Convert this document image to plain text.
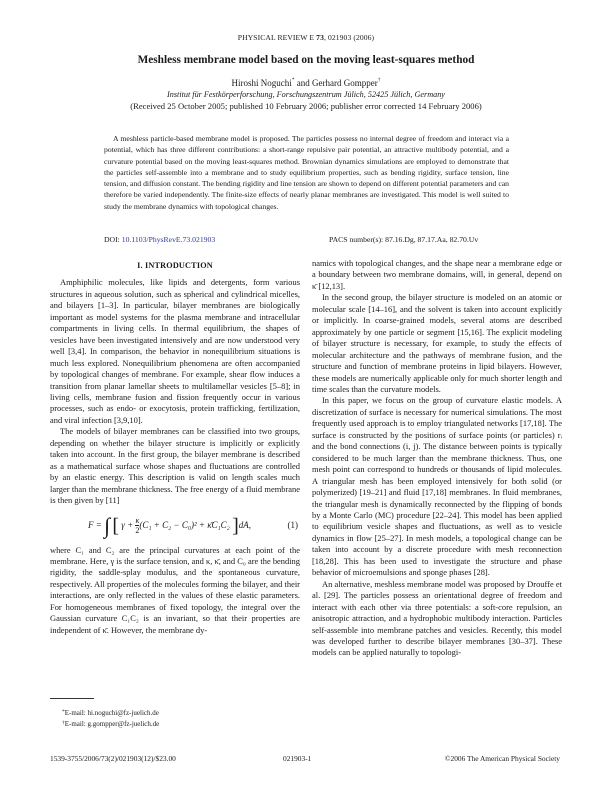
PHYSICAL REVIEW E 73, 021903 (2006)
Meshless membrane model based on the moving least-squares method
Hiroshi Noguchi* and Gerhard Gompper†
Institut für Festkörperforschung, Forschungszentrum Jülich, 52425 Jülich, Germany
(Received 25 October 2005; published 10 February 2006; publisher error corrected 14 February 2006)

A meshless particle-based membrane model is proposed. The particles possess no internal degree of freedom and interact via a potential, which has three different contributions: a short-range repulsive pair potential, an attractive multibody potential, and a curvature potential based on the moving least-squares method. Brownian dynamics simulations are employed to demonstrate that the particles self-assemble into a membrane and to study equilibrium properties, such as bending rigidity, surface tension, line tension, and diffusion constant. The bending rigidity and line tension are shown to depend on different potential parameters and can therefore be varied independently. The finite-size effects of nearly planar membranes are investigated. This model is well suited to study the membrane dynamics with topological changes.

DOI: 10.1103/PhysRevE.73.021903	PACS number(s): 87.16.Dg, 87.17.Aa, 82.70.Uv
I. INTRODUCTION

Amphiphilic molecules, like lipids and detergents, form various structures in aqueous solution, such as spherical and cylindrical micelles, and bilayers [1–3]. In particular, bilayer membranes are biologically important as model systems for the plasma membrane and intracellular compartments in living cells. In thermal equilibrium, the shapes of vesicles have been investigated intensively and are now understood very well [3,4]. In comparison, the behavior in nonequilibrium situations is much less explored. Nonequilibrium phenomena are often accompanied by topological changes of membrane. For example, shear flow induces a transition from planar lamellar sheets to multilamellar vesicles [5–8]; in living cells, membrane fusion and fission frequently occur in various processes, such as endo- or exocytosis, protein trafficking, fertilization, and viral infection [3,9,10].

The models of bilayer membranes can be classified into two groups, depending on whether the bilayer structure is implicitly or explicitly taken into account. In the first group, the bilayer membrane is described as a mathematical surface whose shapes and fluctuations are controlled by an elastic energy. This description is valid on length scales much larger than the membrane thickness. The free energy of a fluid membrane is then given by [11]

F = ∫ [ $\gamma + \frac{\kappa}{2} (C_1 + C_2 - C_0)^2$ + κ̄C₁C₂ ]dA,	(1)

where C₁ and C₂ are the principal curvatures at each point of the membrane. Here, γ is the surface tension, and κ, κ̄, and C₀ are the bending rigidity, the saddle-splay modulus, and the spontaneous curvature, respectively. All properties of the molecules forming the bilayer, and their interactions, are only reflected in the values of these elastic parameters. For homogeneous membranes of fixed topology, the integral over the Gaussian curvature C₁C₂ is an invariant, so that their properties are independent of κ̄. However, the membrane dy-

namics with topological changes, and the shape near a membrane edge or a boundary between two membrane domains, will, in general, depend on κ̄ [12,13].

In the second group, the bilayer structure is modeled on an atomic or molecular scale [14–16], and the solvent is taken into account explicitly or implicitly. In coarse-grained models, several atoms are described approximately by one particle or segment [15,16]. The explicit modeling of bilayer structure is necessary, for example, to study the effects of molecular architecture and the pathways of membrane fusion, and the structure and function of membrane proteins in lipid bilayers. However, these models are numerically applicable only for much shorter length and time scales than the curvature models.

In this paper, we focus on the group of curvature elastic models. A discretization of surface is necessary for numerical simulations. The most frequently used approach is to employ triangulated networks [17,18]. The surface is constructed by the positions of surface points (or particles) rᵢ and the bond connections (i, j). The distance between points is typically considered to be much larger than the membrane thickness. Thus, one mesh point can correspond to hundreds or thousands of lipid molecules. A triangular mesh has been employed intensively for both solid (or polymerized) [19–21] and fluid [17,18] membranes. In fluid membranes, the triangular mesh is dynamically reconnected by the flipping of bonds by a Monte Carlo (MC) procedure [22–24]. This model has been applied to equilibrium vesicle shapes and fluctuations, as well as to vesicle dynamics in flow [25–27]. In mesh models, a topological change can be taken into account by a discrete procedure with mesh reconnection [18,28]. This has been used to investigate the structure and phase behavior of microemulsions and sponge phases [28].

An alternative, meshless membrane model was proposed by Drouffe et al. [29]. The particles possess an orientational degree of freedom and interact with each other via three potentials: a soft-core repulsion, an anisotropic attraction, and a hydrophobic multibody interaction. Particles self-assemble into membrane patches and vesicles. Recently, this model was developed further to describe bilayer membranes [30–37]. These models can be applied naturally to topologi-

*E-mail: hi.noguchi@fz-juelich.de
†E-mail: g.gompper@fz-juelich.de
1539-3755/2006/73(2)/021903(12)/$23.00	021903-1	©2006 The American Physical Society
